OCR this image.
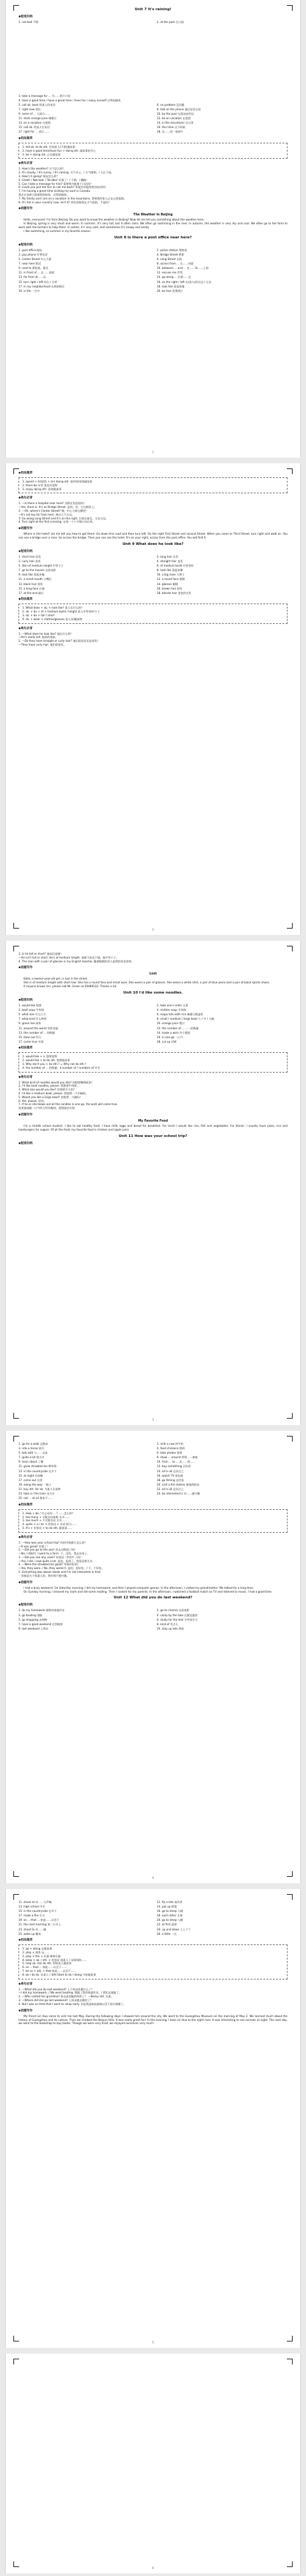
Unit 7 It's raining!
◆短语归纳
1. not bad 不错	2. at the park 在公园
3. take a message for ... 为……捎个口信
4. have a good time / have a great time / have fun / enjoy oneself 过得很愉快
5. call sb. back 给某人回电话	6. no problem 没问题
7. right now 现在	8. talk on the phone 通过电话交谈
9. some of ... 大部分……	10. by the pool 在游泳池旁边
11. drink orange juice 喝橙汁	12. be on vacation 在度假
13. on a vacation 在度假	14. in the mountains 在山里
15. call sb. 给某人打电话	16. this time 这个时候
17. right for ... 适合……	18. 在……的一张照片
◆用法集萃
1. tell sb. to do sth. 告诉某人(不要)做某事
2. have a good time/have fun + doing sth. 做某事很开心
3. be + doing sth. 正在做某事
◆典句必背
1. How's the weather? 天气怎么样？
2. It's cloudy. / It's sunny. / It's raining. 天气多云。/ 天气晴朗。/ 天正下雨。
3. How's it going? 情况怎么样？
4. Great! / Not bad. / Terrible! 好极了！/ 不错。/ 糟糕！
5. Can I take a message for him? 需要我为他捎个口信吗？
6. Could you just tell him to call me back? 你能告诉他给我回电话吗？
7. I'm having a great time visiting my aunt in Canada.
我正在加拿大探望我的姑姑，过得很愉快。
7. My family and I are on a vacation in the mountains. 我和我的家人正在山里度假。
8. It's hot in your country now, isn't it? 你们国家现在天气很热，不是吗？
◆话题写作
The Weather in Beijing

Hello, everyone! I'm from Beijing. Do you want to know the weather in Beijing? Now let me tell you something about the weather here.

In Beijing, spring is very short and warm. In summer, it's very hot, but it often rains. We often go swimming in the river. In autumn, the weather is very dry and cool. We often go to the farm to work with the farmers to help them. In winter, it's very cold, and sometimes it's snowy and windy.

I like swimming, so summer is my favorite season.

Unit 8 Is there a post office near here?
◆短语归纳
1. post office 邮局	2. police station 警察局
3. pay phone 付费电话	4. Bridge Street 桥街
5. Center Street 中心大街	6. Long Street 长街
7. near here 附近	8. across from ... 在……对面
9. next to 紧挨着，靠近	10. between ... and ... 在……和……之间
11. in front of ... 在……前面	12. excuse me 劳驾
13. far from 离……远	14. go along ... 沿着……走
15. turn right / left 向右 / 左转	16. on the right / left 在(某人的)右边 / 左边
17. in my neighborhood 在我的街区	18. look like 看起来像
19. in life 一生中	20. be free 免费(的)
1
◆用法集萃
1. spend + 时间/钱 + (in) doing sth. 花时间/金钱做某事
2. there be 句型 某处有某物
3. enjoy doing sth. 喜欢做某事
◆典句必背
1. —Is there a hospital near here? 这附近有医院吗？
—Yes, there is. It's on Bridge Street. 是的，有。它在桥街上。
2. —Oh, where's Center Street? 哦，中心大街在哪里？
—It's not too far from here. 离这儿不太远。
3. Go along Long Street and it's on the right. 沿着长街走，它在右边。
4. Turn right at the first crossing. 在第一个十字路口向右转。
◆话题写作

Where is the hotel? Let me tell you how to get there. Go down this road and then turn left. On the right First Street and second Street. When you come to Third Street, turn right and walk on. You can see a bridge over a river. Go across the bridge. Then you can see the hotel. It's on your right, across from the post office. You will find it.

Unit 9 What does he look like?
◆短语归纳
1. short hair 短发	2. long hair 长发
3. curly hair 卷发	4. straight hair 直发
5. (be) of medium height 中等个子	6. of medium build 中等身材
7. go to the movies 去看电影	8. look like 看起来像
9. look like 看起来像	10. a big nose 大鼻子
11. a small mouth 小嘴巴	12. a round face 圆脸
13. black hair 黑发	14. glasses 眼镜
15. a long face 长脸	16. brown hair 棕发
17. at the end 最后	18. blonde hair 金色的头发
◆用法集萃
1. What does + sb. + look like? 某人长什么样？
2. sb. + be + of + medium build / height 某人中等身材/个子
3. sb. + be + tall / short
4. sb. + wear + clothes/glasses 某人穿/戴某物
◆典句必背
1. —What does he look like? 他长什么样？
—He's really tall. 他真的很高。
2. —Do they have straight or curly hair? 他们留直发还是卷发？
—They have curly hair. 他们留卷发。
2
3. Is he tall or short? 他高还是矮？
—He isn't tall or short. He's of medium height. 他既不高也不矮，他中等个子。
4. The man with a pair of glasses is my English teacher. 戴着眼镜的男人是我的英语老师。
◆话题写作
Lost

Katie, a twelve-year-old girl, is lost in the street.

She is of medium height with short hair. She has a round face and small eyes. She wears a pair of glasses. She wears a white shirt, a pair of blue jeans and a pair of black sports shoes.

If anyone knows her, please call Mr. Green at 26489132. Thanks a lot.

Unit 10 I'd like some noodles.
◆短语归纳
1. would like 想要	2. take one's order 点菜
3. beef soup 牛肉汤	4. mutton soup 羊肉汤
5. what size 什么尺寸	6. mapo tofu with rice 麻婆豆腐盖饭
7. what kind 什么种类	8. small / medium / large bowl 小 / 中 / 大碗
9. green tea 绿茶	10. orange juice 橙汁
11. around the world 世界各地	12. the number of ... ……的数量
13. the number of ... 的数量	14. make a wish 许个愿望
15. blow out 吹灭	16. in one go 一口气
17. come true 实现	18. cut up 切碎
◆用法集萃
1. would like + n. 想要某物
2. would like + to do sth. 想要做某事
3. Why don't you + do sth.? = Why not do sth.?
4. the number of ... 的数量；a number of / numbers of 许多
◆典句必背
1. What kind of noodles would you like? 你想要哪种面条？
2. I'd like beef noodles, please. 我想要牛肉面。
3. What size would you like? 你想要多大的？
4. I'd like a medium bowl, please. 我想要一个中碗的。
5. Would you like a large bowl? 你想要一大碗吗？
6. Yes, please. 好的。
7. If he or she blows out all the candles in one go, the wish will come true.
如果他或她一口气吹灭所有蜡烛，愿望就会实现。
◆话题写作
My Favorite Food

I'm a middle school student. I like to eat healthy food. I have milk, eggs and bread for breakfast. For lunch I would like rice, fish and vegetables. For dinner, I usually have pizza, rice and hamburgers for supper. Of all the food, my favorite food is chicken and apple juice.

Unit 11 How was your school trip?
◆短语归纳
3
1. go for a walk 去散步	2. milk a cow 挤牛奶
3. ride a horse 骑马	4. feed chickens 喂鸡
5. talk with 与……交谈	6. take photos 拍照
7. quite a lot 相当多	8. show ... around 带领……参观
9. learn about 了解	10. from ... to ... 从……到……
11. grow strawberries 种草莓	12. buy something 买东西
13. in the countryside 在乡下	14. all in all 总而言之
15. at night 在夜晚	16. watch TV 看电视
17. come out 出来	18. go fishing 去钓鱼
19. along the way 一路上	20. visit a fire station 参观消防站
21. buy sth. for sb. 为某人买某物	22. all in all 总而言之
23. take a / the train 坐火车	24. be interested in 对……感兴趣
25. not ... at all 根本不……
◆用法集萃
1. How + be / 实义动词 ... ? ……怎么样？
2. too many + 可数名词复数 太多……
3. too much + 不可数名词 太多……
4. quite + a / an + 形容词 + 名词 相当……
5. It's + 形容词 + to do sth. 做某事……
◆典句必背
1. —How was your school trip? 你的学校旅行怎么样？
—It was great! 好极了！
2. —Did you go to the zoo? 你去动物园了吗？
—No, I didn't. I went to a farm. 不，没有。我去农场了。
3. —Did you see any cows? 你看见一些奶牛了吗？
—Yes, I did. I saw quite a lot. 是的，看到了。我看见相当多。
4. —Were the strawberries good? 草莓好吃吗？
—Yes, they were. / No, they weren't. 是的，很好吃。/ 不，不好吃。
5. Everything was about robots and I'm not interested in that.
一切都是关于机器人的，我对那不感兴趣。
◆话题写作

I had a busy weekend. On Saturday morning, I did my homework, and then I played computer games. In the afternoon, I visited my grandmother. We talked for a long time.

On Sunday morning, I cleaned my room and did some reading. Then I cooked for my parents. In the afternoon, I watched a football match on TV and listened to music. I had a good time.

Unit 12 What did you do last weekend?
◆短语归纳
1. do my homework 做我的家庭作业	2. go to cinema 去看电影
3. go boating 划船	4. camp by the lake 在湖边露营
5. go shopping 去购物	6. study for the test 为考试学习
7. have a good weekend 过得愉快	8. kind of 有点儿
9. last weekend 上周末	10. stay up late 熬夜
4
11. shout at 对……大声喊	12. fly a kite 放风筝
13. high school 中学	14. put up 搭建
15. in the countryside 在乡下	16. go to sleep 入睡
17. make a fire 生火	18. each other 互相
19. so ... that ... 如此……以至于	20. go to sleep 入睡
21. the next morning 第二天早上	22. at first 起初
23. shout to 对……喊	24. up and down 上上下下
25. wake up 醒来	26. a little 一点
◆用法集萃
1. go + doing 去做某事
2. play + 球类 玩……
3. play + the + 乐器 弹奏乐器
4. keep + sb. / sth. + 形容词 使某人 / 某事保持……
5. help sb. (to) do sth. 帮助某人做某事
6. so ... that ... 如此……以至于……
7. be so + adj. + that 如此……以至于……
8. be / do sb. 对某人 / 事物 Start to do / doing 开始做某事
◆典句必背
1. —What did you do last weekend? 上个周末你做什么了？
—I did my homework. / We went boating. 我做了我的家庭作业。/ 我们去划船了。
2. —Who visited her grandma? 谁去看望她的奶奶了？ —Becky did. 贝基。
3. —Where did she go last weekend? 上周末她去哪里了？
4. But I was so tired that I went to sleep early. 但是我是如此疲倦以至于很早就睡了。
◆话题写作

My friend Lin Hua came to visit me last May. During the following days I showed him around the city. We went to the Guangzhou Museum on the morning of May 2. We learned much about the history of Guangzhou and its culture. Then we climbed the Baiyun Hills. It was really great fun! In the evening, I took Lin Hua to the night river. It was interesting to see animals at night. The next day, we went to the bookshop to buy books. Though we were very tired, we enjoyed ourselves very much.

5
6
